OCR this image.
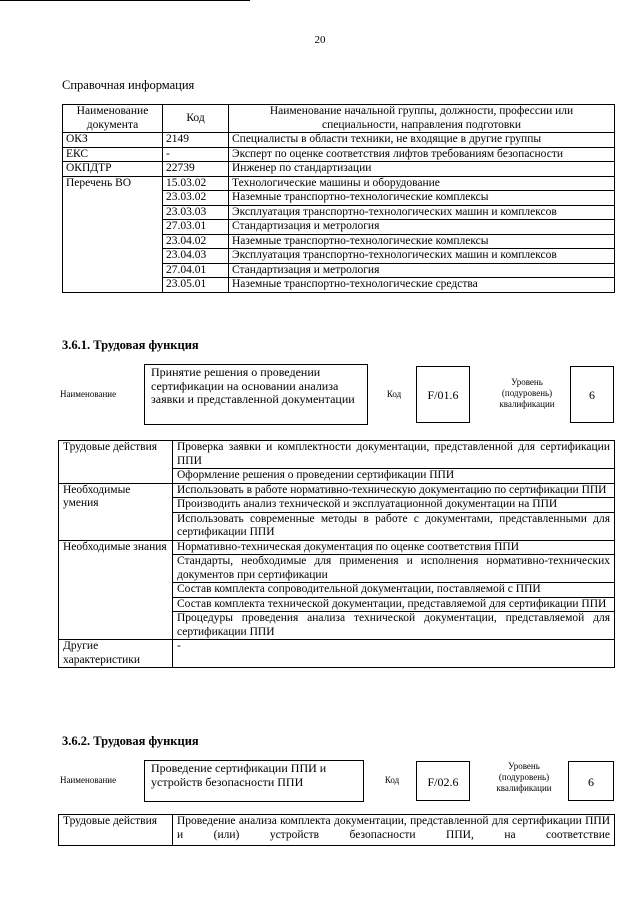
20
Справочная информация
Наименование документа	Код	Наименование начальной группы, должности, профессии или специальности, направления подготовки
ОКЗ	2149	Специалисты в области техники, не входящие в другие группы
ЕКС	-	Эксперт по оценке соответствия лифтов требованиям безопасности
ОКПДТР	22739	Инженер по стандартизации
Перечень ВО	15.03.02	Технологические машины и оборудование
	23.03.02	Наземные транспортно-технологические комплексы
	23.03.03	Эксплуатация транспортно-технологических машин и комплексов
	27.03.01	Стандартизация и метрология
	23.04.02	Наземные транспортно-технологические комплексы
	23.04.03	Эксплуатация транспортно-технологических машин и комплексов
	27.04.01	Стандартизация и метрология
	23.05.01	Наземные транспортно-технологические средства
3.6.1. Трудовая функция
Наименование
Принятие решения о проведении сертификации на основании анализа заявки и представленной документации	Код	F/01.6
Уровень (подуровень) квалификации
6
Трудовые действия	Проверка заявки и комплектности документации, представленной для сертификации ППИ
	Оформление решения о проведении сертификации ППИ
Необходимые умения	Использовать в работе нормативно-техническую документацию по сертификации ППИ
	Производить анализ технической и эксплуатационной документации на ППИ
	Использовать современные методы в работе с документами, представленными для сертификации ППИ
Необходимые знания	Нормативно-техническая документация по оценке соответствия ППИ
	Стандарты, необходимые для применения и исполнения нормативно-технических документов при сертификации
	Состав комплекта сопроводительной документации, поставляемой с ППИ
	Состав комплекта технической документации, представляемой для сертификации ППИ
	Процедуры проведения анализа технической документации, представляемой для сертификации ППИ
Другие характеристики	-
3.6.2. Трудовая функция
Наименование
Проведение сертификации ППИ и устройств безопасности ППИ	Код	F/02.6
Уровень (подуровень) квалификации	6
Трудовые действия	Проведение анализа комплекта документации, представленной для сертификации ППИ и (или) устройств безопасности ППИ, на соответствие
